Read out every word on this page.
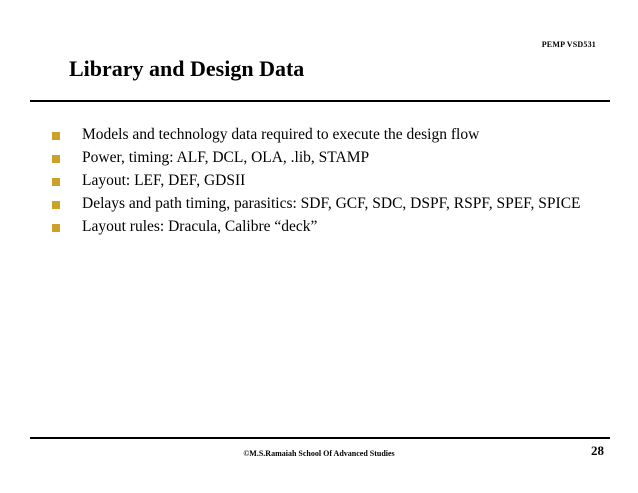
PEMP VSD531
Library and Design Data
Models and technology data required to execute the design flow
Power, timing: ALF, DCL, OLA, .lib, STAMP
Layout: LEF, DEF, GDSII
Delays and path timing, parasitics: SDF, GCF, SDC, DSPF, RSPF, SPEF, SPICE
Layout rules: Dracula, Calibre “deck”
©M.S.Ramaiah School Of Advanced Studies	28
